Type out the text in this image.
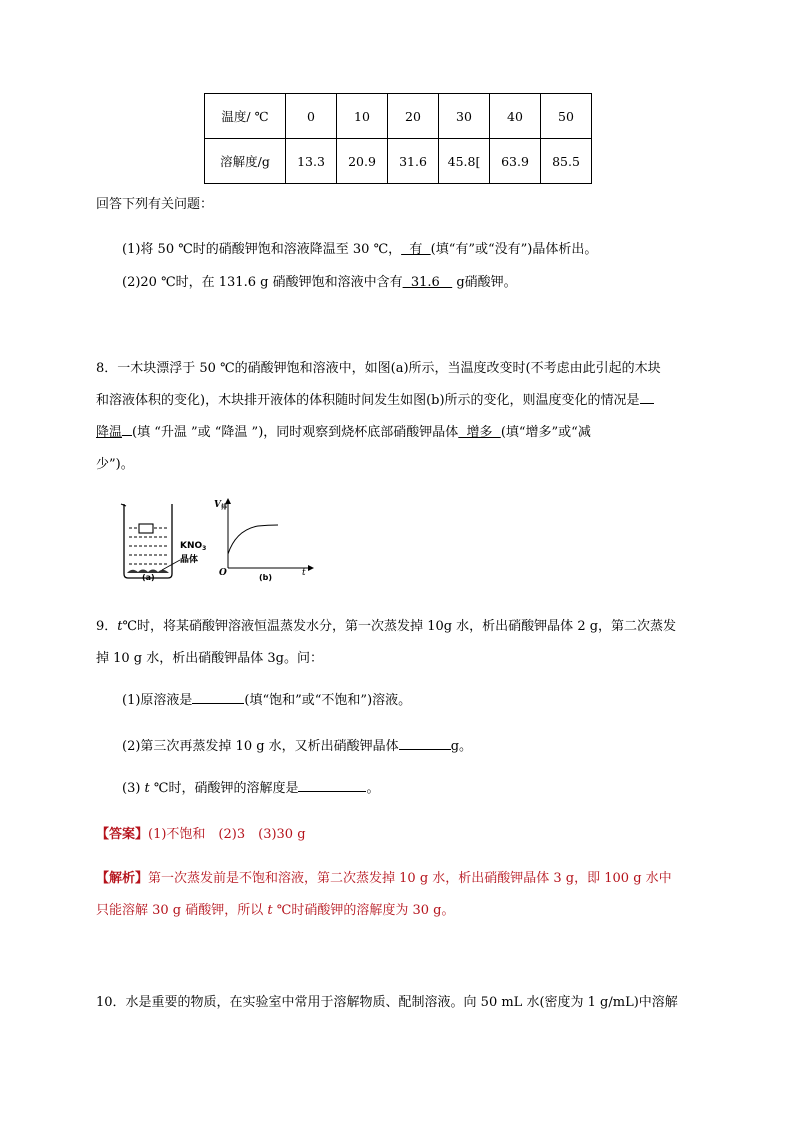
温度/ ℃	0	10	20	30	40	50
溶解度/g	13.3	20.9	31.6	45.8[	63.9	85.5
回答下列有关问题：
(1)将 50 ℃时的硝酸钾饱和溶液降温至 30 ℃，  有  (填“有”或“没有”)晶体析出。
(2)20 ℃时，在 131.6 g 硝酸钾饱和溶液中含有  31.6    g硝酸钾。
8．一木块漂浮于 50 ℃的硝酸钾饱和溶液中，如图(a)所示，当温度改变时(不考虑由此引起的木块
和溶液体积的变化)，木块排开液体的体积随时间发生如图(b)所示的变化，则温度变化的情况是
降温 (填 “升温 ”或 “降温 ”)，同时观察到烧杯底部硝酸钾晶体  增多  (填“增多”或“减
少”)。
$KNO_3$
晶体
(a)
$V_排$
O	t
(b)
9．t℃时，将某硝酸钾溶液恒温蒸发水分，第一次蒸发掉 10g 水，析出硝酸钾晶体 2 g，第二次蒸发
掉 10 g 水，析出硝酸钾晶体 3g。问：
(1)原溶液是	(填“饱和”或“不饱和”)溶液。
(2)第三次再蒸发掉 10 g 水，又析出硝酸钾晶体	g。
(3) t ℃时，硝酸钾的溶解度是	。
【答案】(1)不饱和　(2)3　(3)30 g
【解析】第一次蒸发前是不饱和溶液，第二次蒸发掉 10 g 水，析出硝酸钾晶体 3 g，即 100 g 水中
只能溶解 30 g 硝酸钾，所以 t ℃时硝酸钾的溶解度为 30 g。
10．水是重要的物质，在实验室中常用于溶解物质、配制溶液。向 50 mL 水(密度为 1 g/mL)中溶解
